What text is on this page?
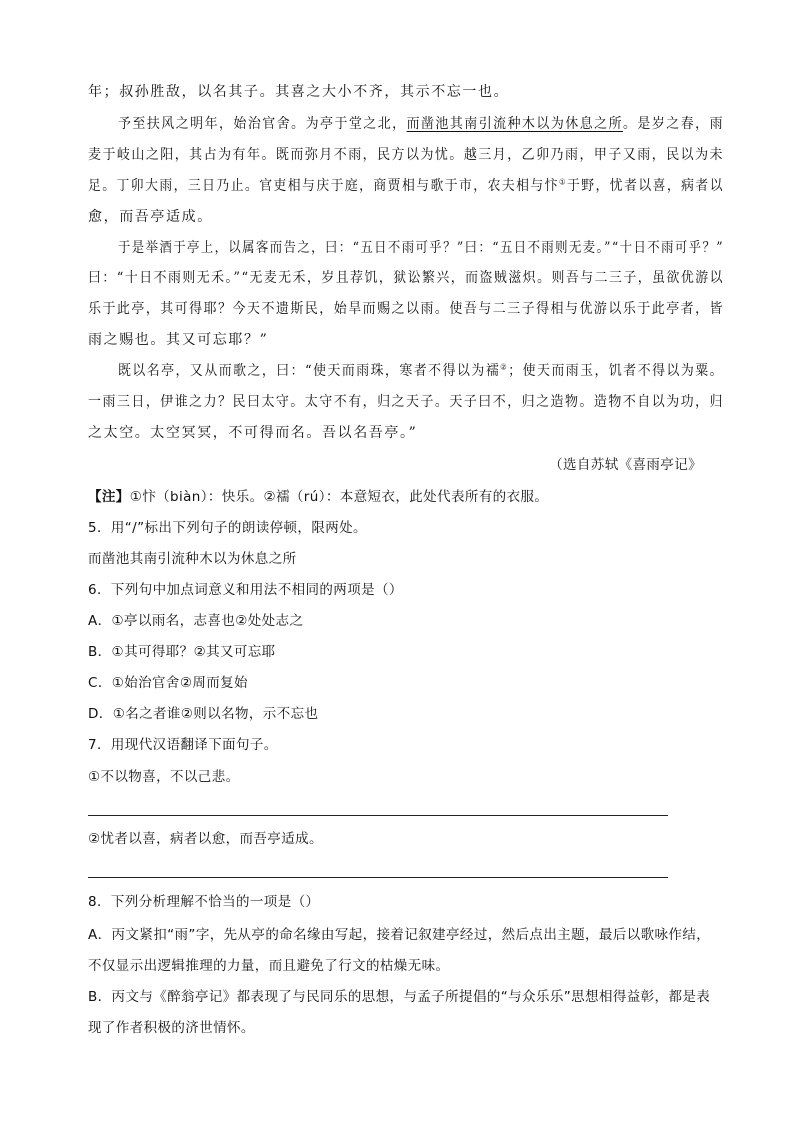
年；叔孙胜敌，以名其子。其喜之大小不齐，其示不忘一也。
予至扶风之明年，始治官舍。为亭于堂之北，而凿池其南引流种木以为休息之所。是岁之春，雨
麦于岐山之阳，其占为有年。既而弥月不雨，民方以为忧。越三月，乙卯乃雨，甲子又雨，民以为未
足。丁卯大雨，三日乃止。官吏相与庆于庭，商贾相与歌于市，农夫相与忭①于野，忧者以喜，病者以
愈，而吾亭适成。
于是举酒于亭上，以属客而告之，曰：“五日不雨可乎？”曰：“五日不雨则无麦。”“十日不雨可乎？”
曰：“十日不雨则无禾。”“无麦无禾，岁且荐饥，狱讼繁兴，而盗贼滋炽。则吾与二三子，虽欲优游以
乐于此亭，其可得耶？今天不遗斯民，始旱而赐之以雨。使吾与二三子得相与优游以乐于此亭者，皆
雨之赐也。其又可忘耶？”
既以名亭，又从而歌之，曰：“使天而雨珠，寒者不得以为襦②；使天而雨玉，饥者不得以为粟。
一雨三日，伊谁之力？民曰太守。太守不有，归之天子。天子曰不，归之造物。造物不自以为功，归
之太空。太空冥冥，不可得而名。吾以名吾亭。”
（选自苏轼《喜雨亭记》
【注】①忭（biàn）：快乐。②襦（rú）：本意短衣，此处代表所有的衣服。
5．用“/”标出下列句子的朗读停顿，限两处。
而凿池其南引流种木以为休息之所
6．下列句中加点词意义和用法不相同的两项是（）
A．①亭以雨名，志喜也②处处志之
B．①其可得耶？②其又可忘耶
C．①始治官舍②周而复始
D．①名之者谁②则以名物，示不忘也
7．用现代汉语翻译下面句子。
①不以物喜，不以己悲。
②忧者以喜，病者以愈，而吾亭适成。
8．下列分析理解不恰当的一项是（）
A．丙文紧扣“雨”字，先从亭的命名缘由写起，接着记叙建亭经过，然后点出主题，最后以歌咏作结，
不仅显示出逻辑推理的力量，而且避免了行文的枯燥无味。
B．丙文与《醉翁亭记》都表现了与民同乐的思想，与孟子所提倡的“与众乐乐”思想相得益彰，都是表
现了作者积极的济世情怀。
